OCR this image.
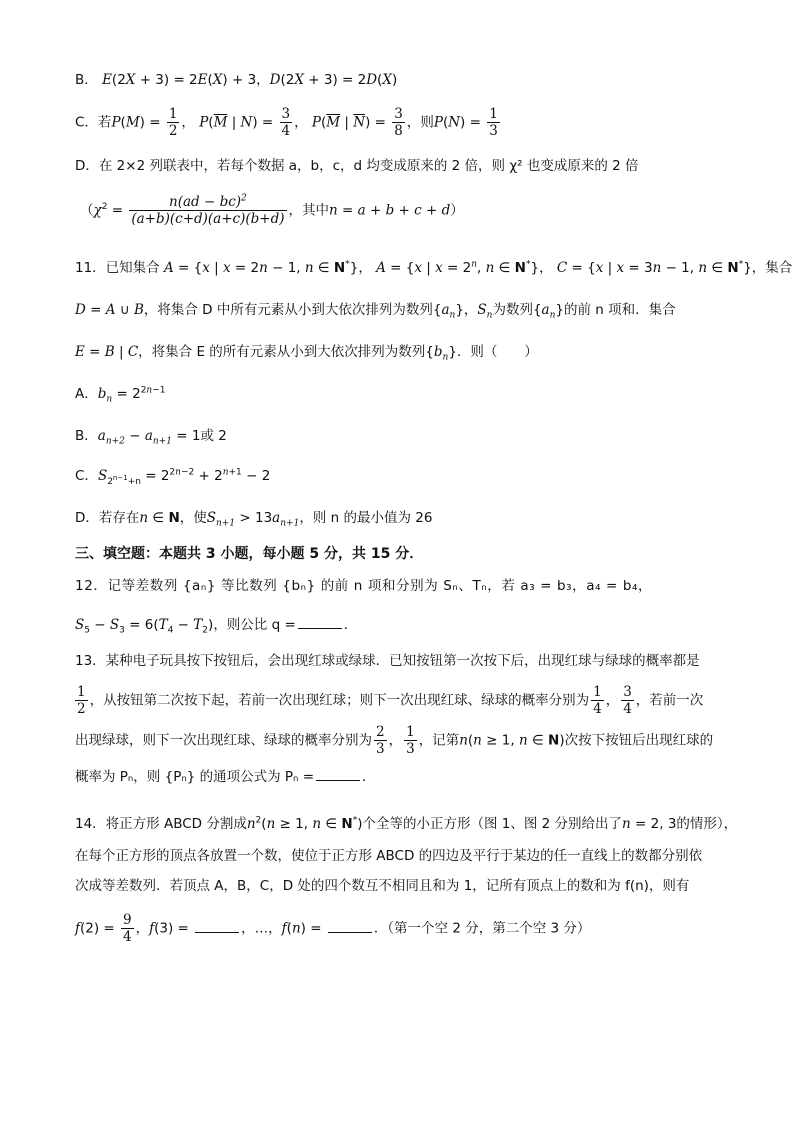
B． E(2X + 3) = 2E(X) + 3，D(2X + 3) = 2D(X)
C．若$P(M) = \frac{1}{2}$ ， $P(\overline{M}$ | $N) = \frac{3}{4}$ ， $P(\overline{M}$ | $\overline{N}) = \frac{3}{8}$ ，则$P(N) = \frac{1}{3}$
D．在 2×2 列联表中，若每个数据 a，b，c，d 均变成原来的 2 倍，则 χ² 也变成原来的 2 倍
（$\chi^2 = \frac{n(ad - bc)^2}{(a+b)(c+d)(a+c)(b+d)}$ ，其中n = a + b + c + d）
11．已知集合 A = {x | x = 2n − 1, n ∈ N*}， A = {x | $x = 2^n$, n ∈ N*}， C = {x | x = 3n − 1, n ∈ N*}，集合
D = A ∪ B，将集合 D 中所有元素从小到大依次排列为数列$\{a_n\}$，$S_n$为数列$\{a_n\}$的前 n 项和．集合
E = B | C，将集合 E 的所有元素从小到大依次排列为数列$\{b_n\}$．则（　　）
A．$b_n = 2^{2n-1}$
B．$a_{n+2} - a_{n+1} = 1$或 2
C．$S_{2^{n-1}+n} = 2^{2n-2} + 2^{n+1} - 2$
D．若存在n ∈ N，使$S_{n+1} > 13a_{n+1}$，则 n 的最小值为 26
三、填空题：本题共 3 小题，每小题 5 分，共 15 分．
12．记等差数列 {aₙ} 等比数列 {bₙ} 的前 n 项和分别为 Sₙ、Tₙ，若 a₃ = b₃，a₄ = b₄，
$S_5 - S_3 = 6(T_4 - T_2)$，则公比 q =	．
13．某种电子玩具按下按钮后，会出现红球或绿球．已知按钮第一次按下后，出现红球与绿球的概率都是
$\frac{1}{2}$ ，从按钮第二次按下起，若前一次出现红球；则下一次出现红球、绿球的概率分别为 $\frac{1}{4}$ ， $\frac{3}{4}$ ，若前一次
出现绿球，则下一次出现红球、绿球的概率分别为 $\frac{2}{3}$ ， $\frac{1}{3}$ ，记第n(n ≥ 1, n ∈ N)次按下按钮后出现红球的
概率为 Pₙ，则 {Pₙ} 的通项公式为 Pₙ =	．
14．将正方形 ABCD 分割成$n^2(n \ge 1$, n ∈ N*)个全等的小正方形（图 1、图 2 分别给出了n = 2, 3的情形），
在每个正方形的顶点各放置一个数，使位于正方形 ABCD 的四边及平行于某边的任一直线上的数都分别依
次成等差数列．若顶点 A，B，C，D 处的四个数互不相同且和为 1，记所有顶点上的数和为 f(n)，则有
$f(2) = \frac{9}{4}$ ，f(3) =	，…，f(n) =	．（第一个空 2 分，第二个空 3 分）
